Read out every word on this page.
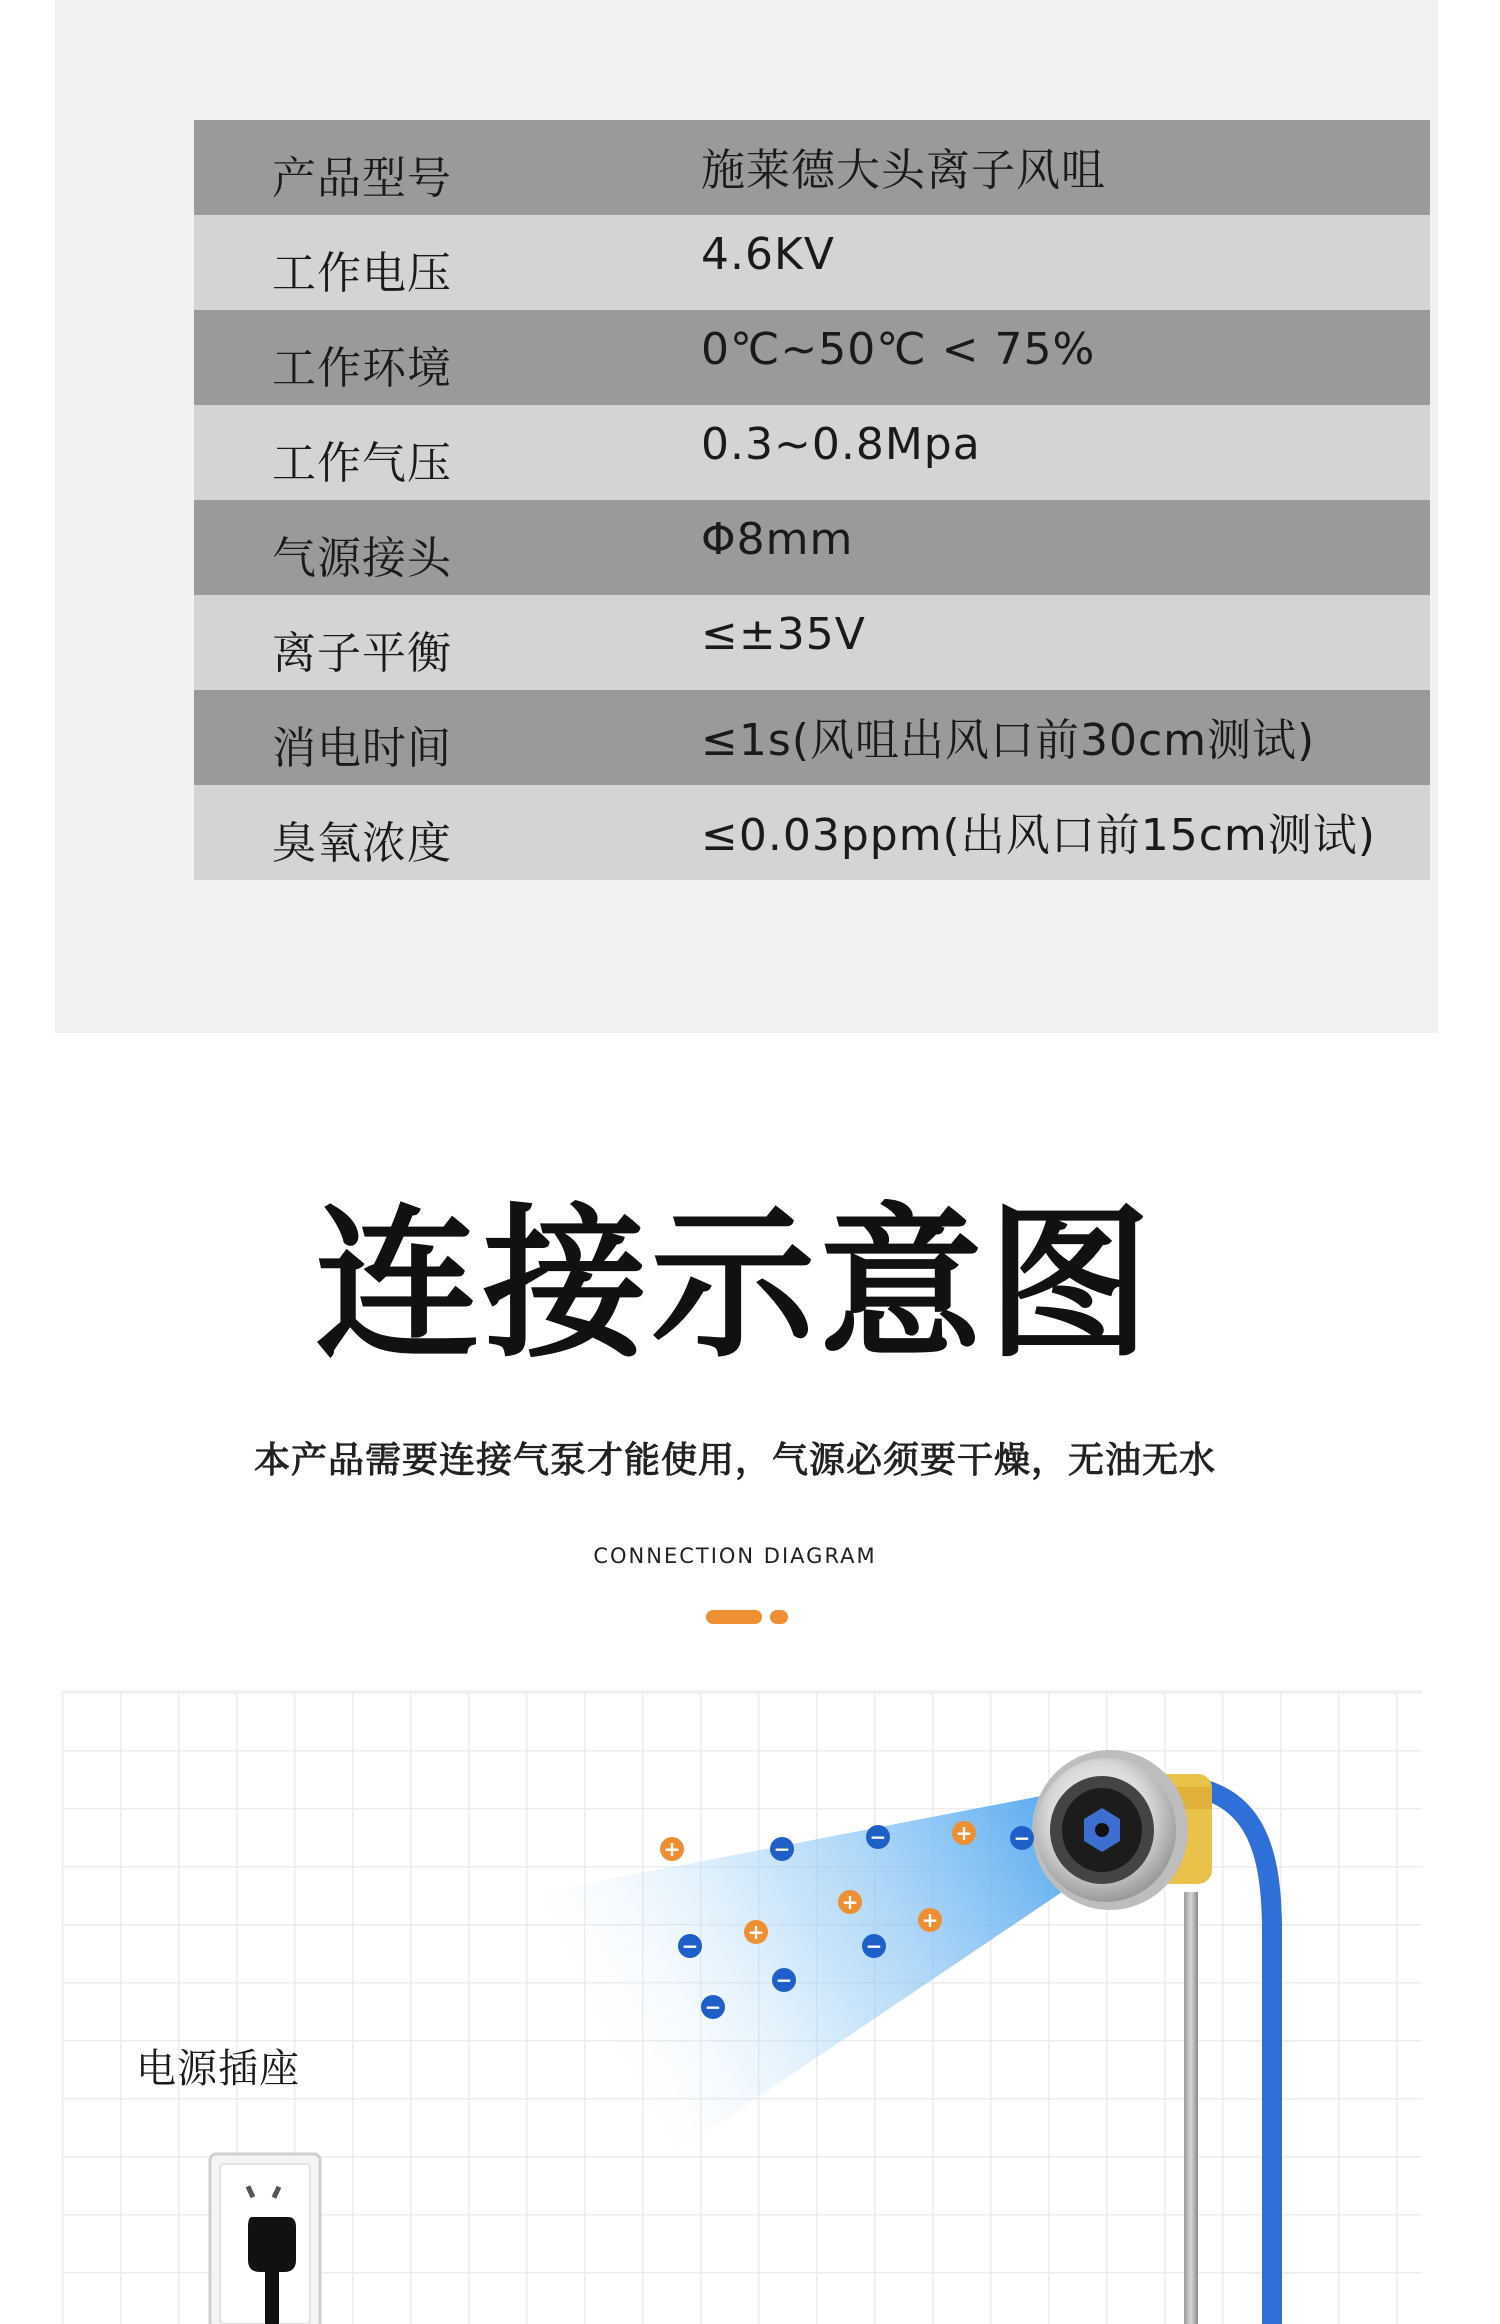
产品型号	施莱德大头离子风咀
工作电压	4.6KV
工作环境	0℃~50℃ < 75%
工作气压	0.3~0.8Mpa
气源接头	Φ8mm
离子平衡	≤±35V
消电时间	≤1s(风咀出风口前30cm测试)
臭氧浓度	≤0.03ppm(出风口前15cm测试)
连接示意图
本产品需要连接气泵才能使用，气源必须要干燥，无油无水
CONNECTION DIAGRAM
+	−	−	+ −
+
+
+
−	−
−
−
电源插座
